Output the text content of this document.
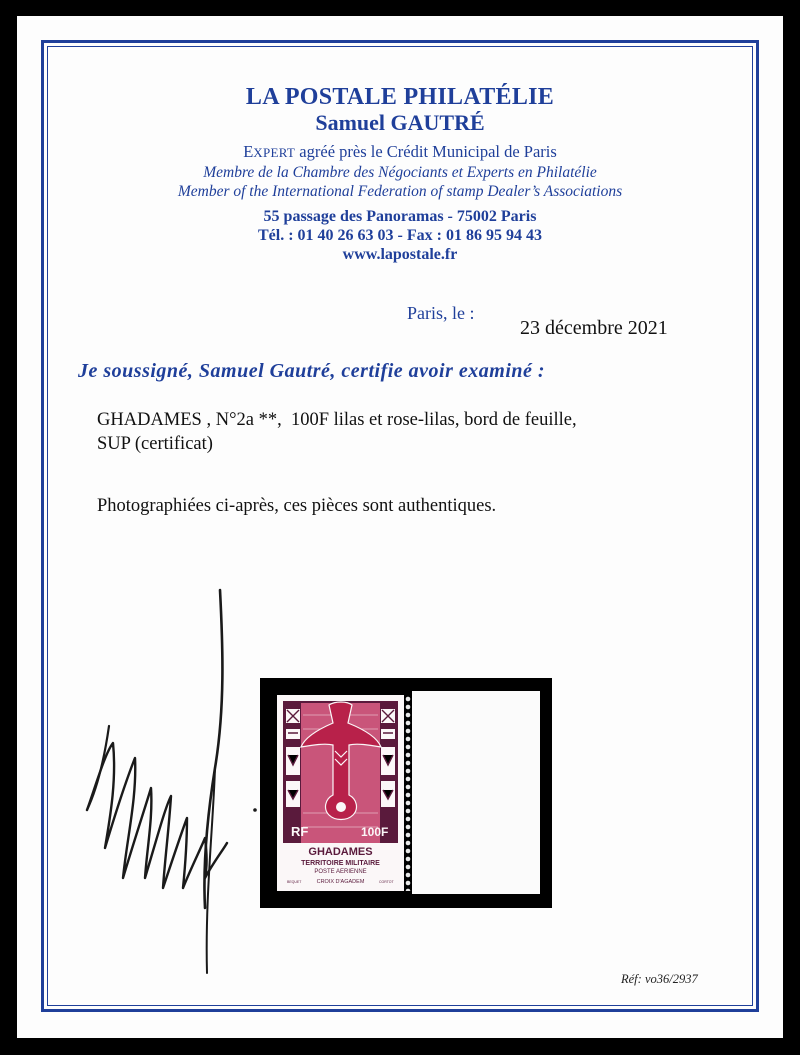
LA POSTALE PHILATÉLIE
Samuel GAUTRÉ
EXPERT agréé près le Crédit Municipal de Paris
Membre de la Chambre des Négociants et Experts en Philatélie
Member of the International Federation of stamp Dealer’s Associations
55 passage des Panoramas - 75002 Paris
Tél. : 01 40 26 63 03 - Fax : 01 86 95 94 43
www.lapostale.fr
Paris, le :
23 décembre 2021
Je soussigné, Samuel Gautré, certifie avoir examiné :
GHADAMES , N°2a **,  100F lilas et rose-lilas, bord de feuille,
SUP (certificat)
Photographiées ci-après, ces pièces sont authentiques.
RF	100F
GHADAMES
TERRITOIRE MILITAIRE
POSTE AERIENNE
CROIX D'AGADEM
BEQUET	CORTOT
Réf: vo36/2937
